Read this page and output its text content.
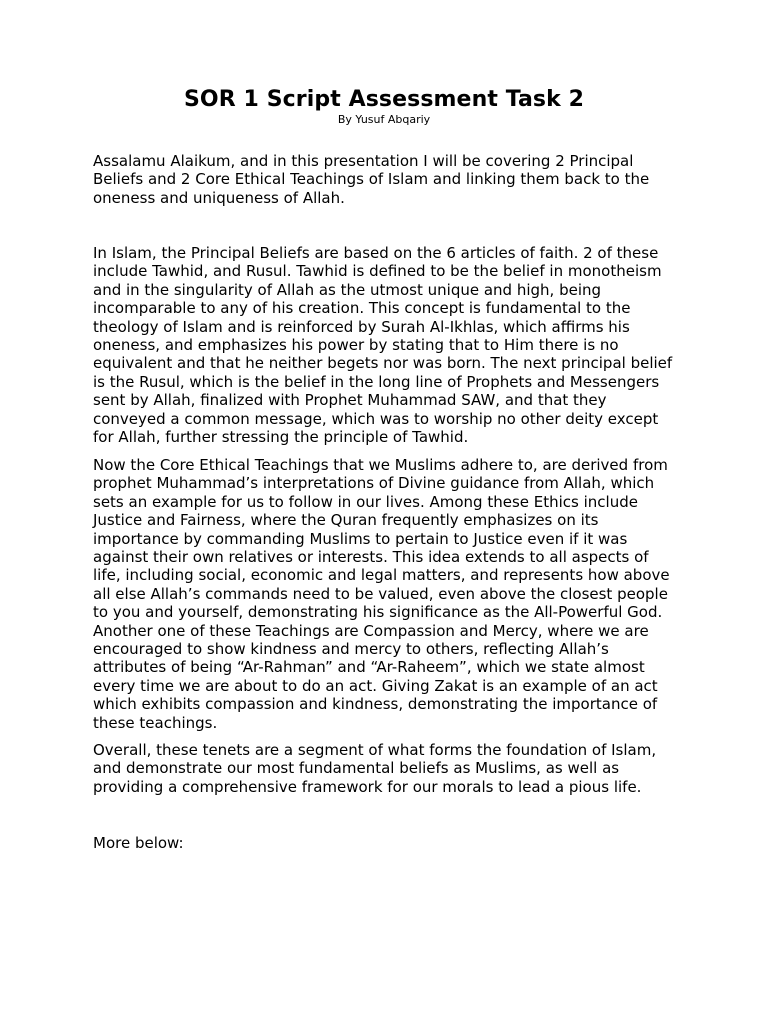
SOR 1 Script Assessment Task 2
By Yusuf Abqariy

Assalamu Alaikum, and in this presentation I will be covering 2 Principal Beliefs and 2 Core Ethical Teachings of Islam and linking them back to the oneness and uniqueness of Allah.

In Islam, the Principal Beliefs are based on the 6 articles of faith. 2 of these include Tawhid, and Rusul. Tawhid is defined to be the belief in monotheism and in the singularity of Allah as the utmost unique and high, being incomparable to any of his creation. This concept is fundamental to the theology of Islam and is reinforced by Surah Al-Ikhlas, which affirms his oneness, and emphasizes his power by stating that to Him there is no equivalent and that he neither begets nor was born. The next principal belief is the Rusul, which is the belief in the long line of Prophets and Messengers sent by Allah, finalized with Prophet Muhammad SAW, and that they conveyed a common message, which was to worship no other deity except for Allah, further stressing the principle of Tawhid.

Now the Core Ethical Teachings that we Muslims adhere to, are derived from prophet Muhammad’s interpretations of Divine guidance from Allah, which sets an example for us to follow in our lives. Among these Ethics include Justice and Fairness, where the Quran frequently emphasizes on its importance by commanding Muslims to pertain to Justice even if it was against their own relatives or interests. This idea extends to all aspects of life, including social, economic and legal matters, and represents how above all else Allah’s commands need to be valued, even above the closest people to you and yourself, demonstrating his significance as the All-Powerful God. Another one of these Teachings are Compassion and Mercy, where we are encouraged to show kindness and mercy to others, reflecting Allah’s attributes of being “Ar-Rahman” and “Ar-Raheem”, which we state almost every time we are about to do an act. Giving Zakat is an example of an act which exhibits compassion and kindness, demonstrating the importance of these teachings.

Overall, these tenets are a segment of what forms the foundation of Islam, and demonstrate our most fundamental beliefs as Muslims, as well as providing a comprehensive framework for our morals to lead a pious life.

More below:
